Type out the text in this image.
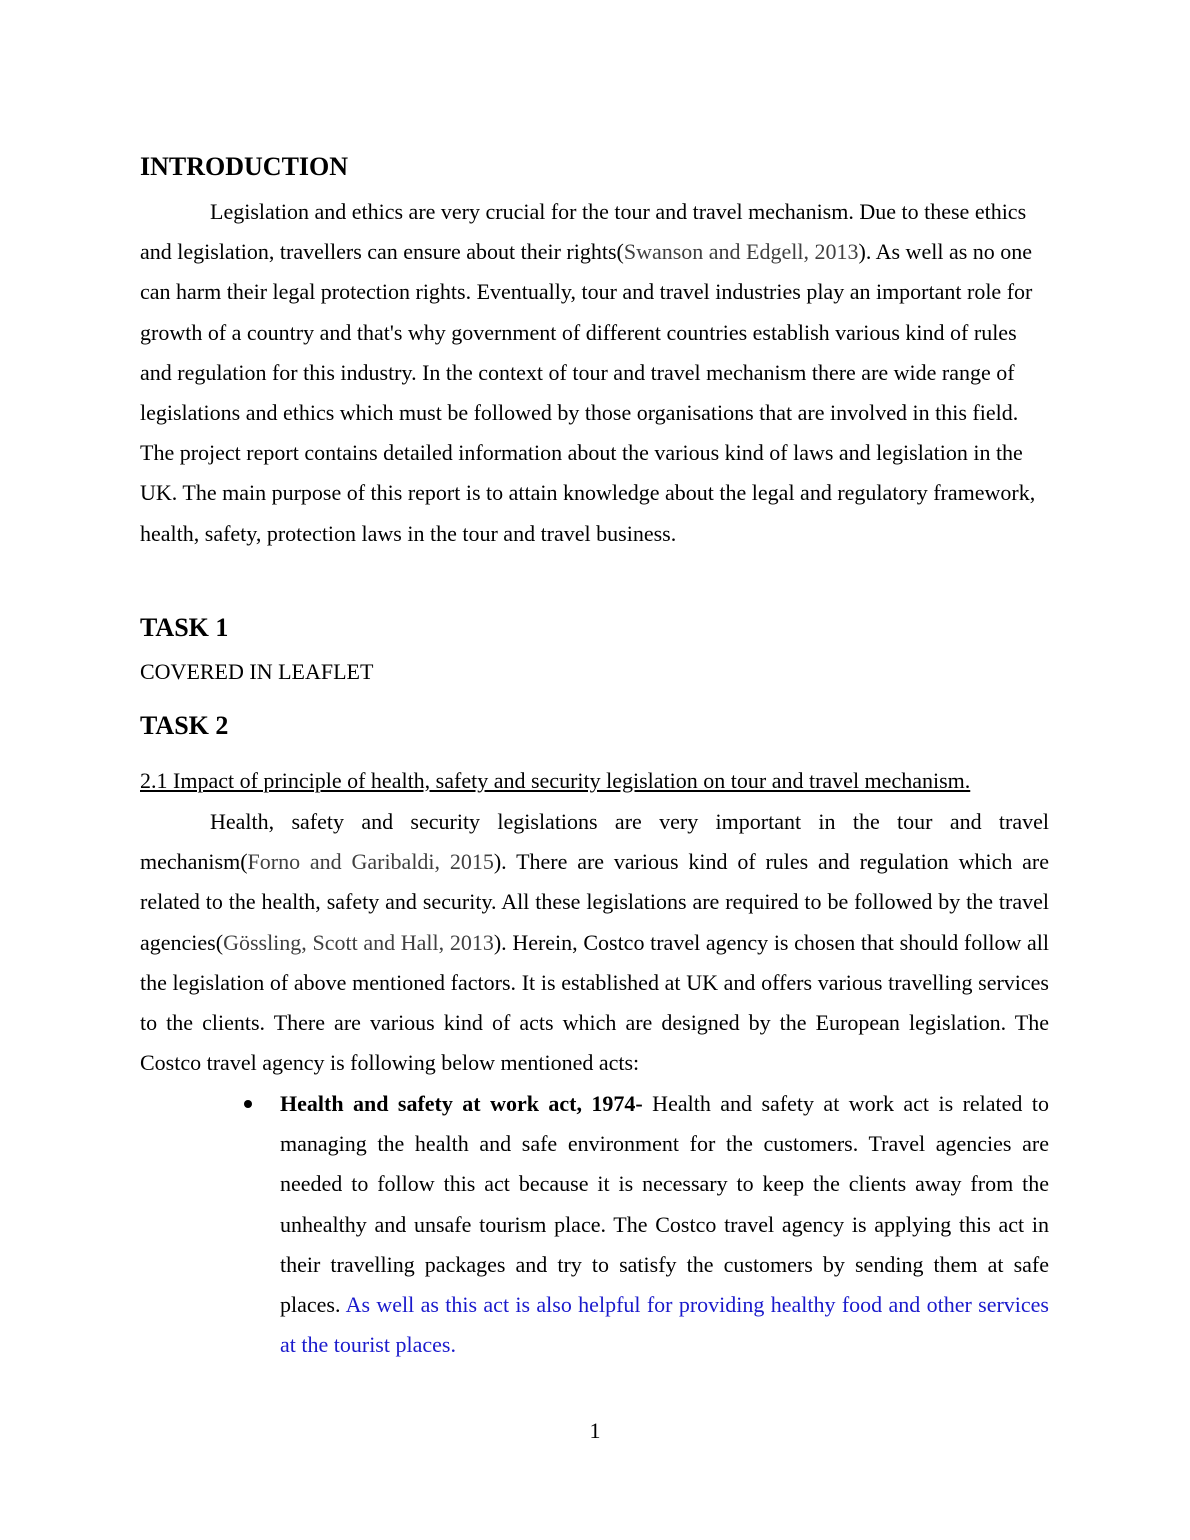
INTRODUCTION

Legislation and ethics are very crucial for the tour and travel mechanism. Due to these ethics and legislation, travellers can ensure about their rights(Swanson and Edgell, 2013). As well as no one can harm their legal protection rights. Eventually, tour and travel industries play an important role for growth of a country and that's why government of different countries establish various kind of rules and regulation for this industry. In the context of tour and travel mechanism there are wide range of legislations and ethics which must be followed by those organisations that are involved in this field. The project report contains detailed information about the various kind of laws and legislation in the UK. The main purpose of this report is to attain knowledge about the legal and regulatory framework, health, safety, protection laws in the tour and travel business.

TASK 1

COVERED IN LEAFLET

TASK 2

2.1 Impact of principle of health, safety and security legislation on tour and travel mechanism.

Health, safety and security legislations are very important in the tour and travel mechanism(Forno and Garibaldi, 2015). There are various kind of rules and regulation which are related to the health, safety and security. All these legislations are required to be followed by the travel agencies(Gössling, Scott and Hall, 2013). Herein, Costco travel agency is chosen that should follow all the legislation of above mentioned factors. It is established at UK and offers various travelling services to the clients. There are various kind of acts which are designed by the European legislation. The Costco travel agency is following below mentioned acts:

Health and safety at work act, 1974- Health and safety at work act is related to managing the health and safe environment for the customers. Travel agencies are needed to follow this act because it is necessary to keep the clients away from the unhealthy and unsafe tourism place. The Costco travel agency is applying this act in their travelling packages and try to satisfy the customers by sending them at safe places. As well as this act is also helpful for providing healthy food and other services at the tourist places.
1
